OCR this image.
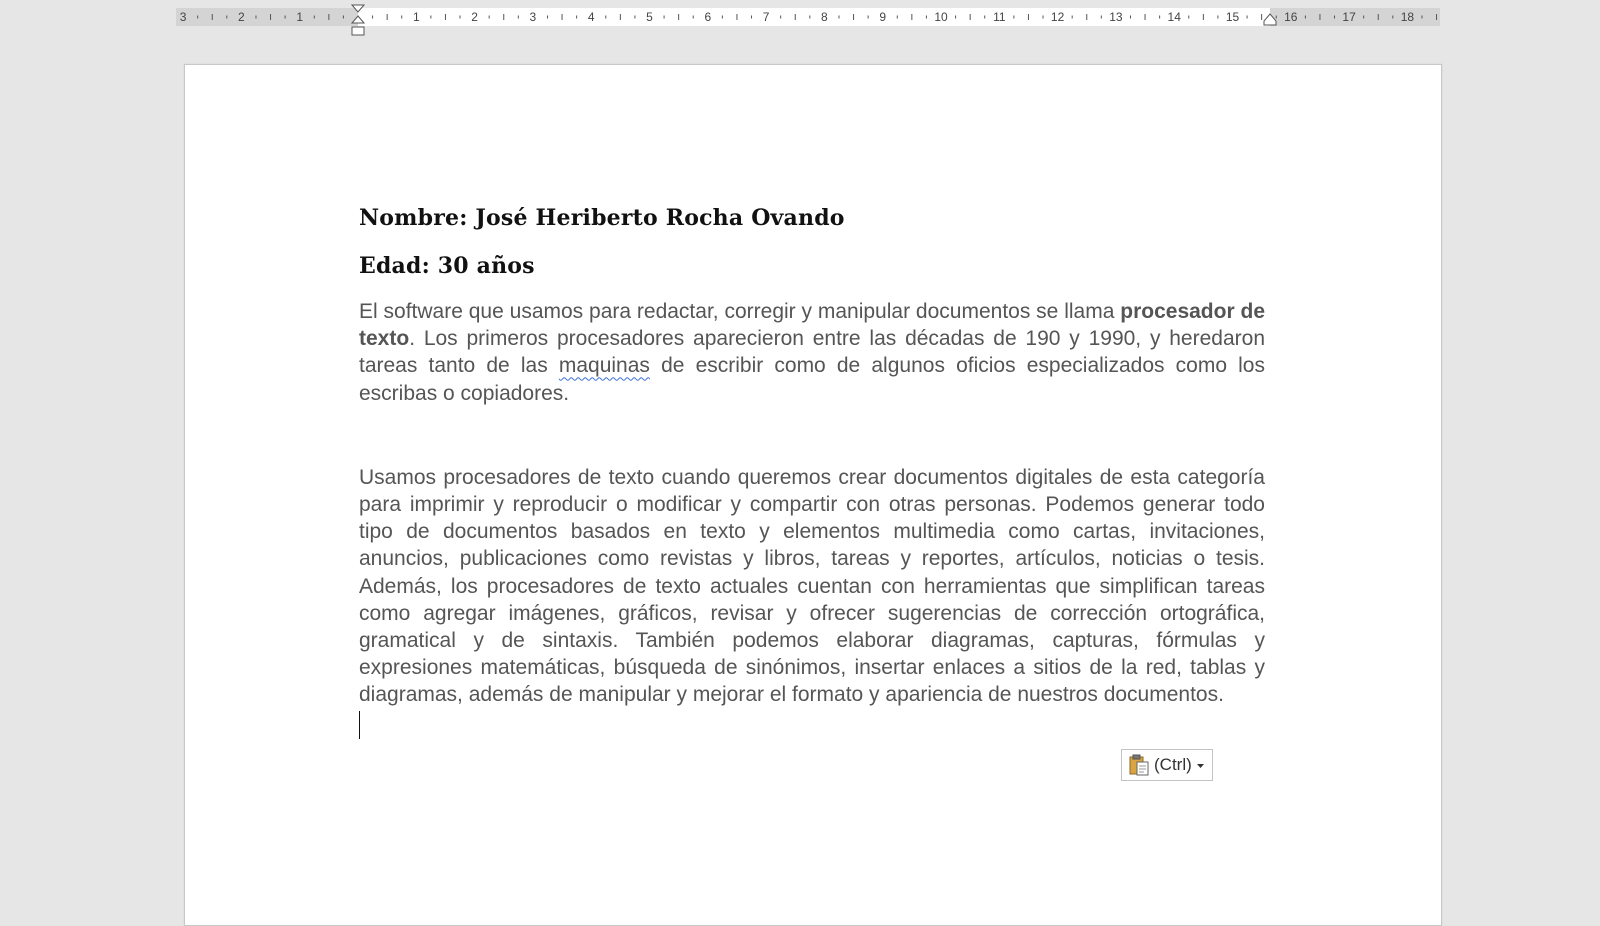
3	2	1	1	2	3	4	5	6	7	8	9	10	11	12	13	14	15	16	17	18

Nombre: José Heriberto Rocha Ovando

Edad: 30 años

El software que usamos para redactar, corregir y manipular documentos se llama procesador de texto. Los primeros procesadores aparecieron entre las décadas de 190 y 1990, y heredaron tareas tanto de las maquinas de escribir como de algunos oficios especializados como los escribas o copiadores.

Usamos procesadores de texto cuando queremos crear documentos digitales de esta categoría para imprimir y reproducir o modificar y compartir con otras personas. Podemos generar todo tipo de documentos basados en texto y elementos multimedia como cartas, invitaciones, anuncios, publicaciones como revistas y libros, tareas y reportes, artículos, noticias o tesis. Además, los procesadores de texto actuales cuentan con herramientas que simplifican tareas como agregar imágenes, gráficos, revisar y ofrecer sugerencias de corrección ortográfica, gramatical y de sintaxis. También podemos elaborar diagramas, capturas, fórmulas y expresiones matemáticas, búsqueda de sinónimos, insertar enlaces a sitios de la red, tablas y diagramas, además de manipular y mejorar el formato y apariencia de nuestros documentos.

(Ctrl)
